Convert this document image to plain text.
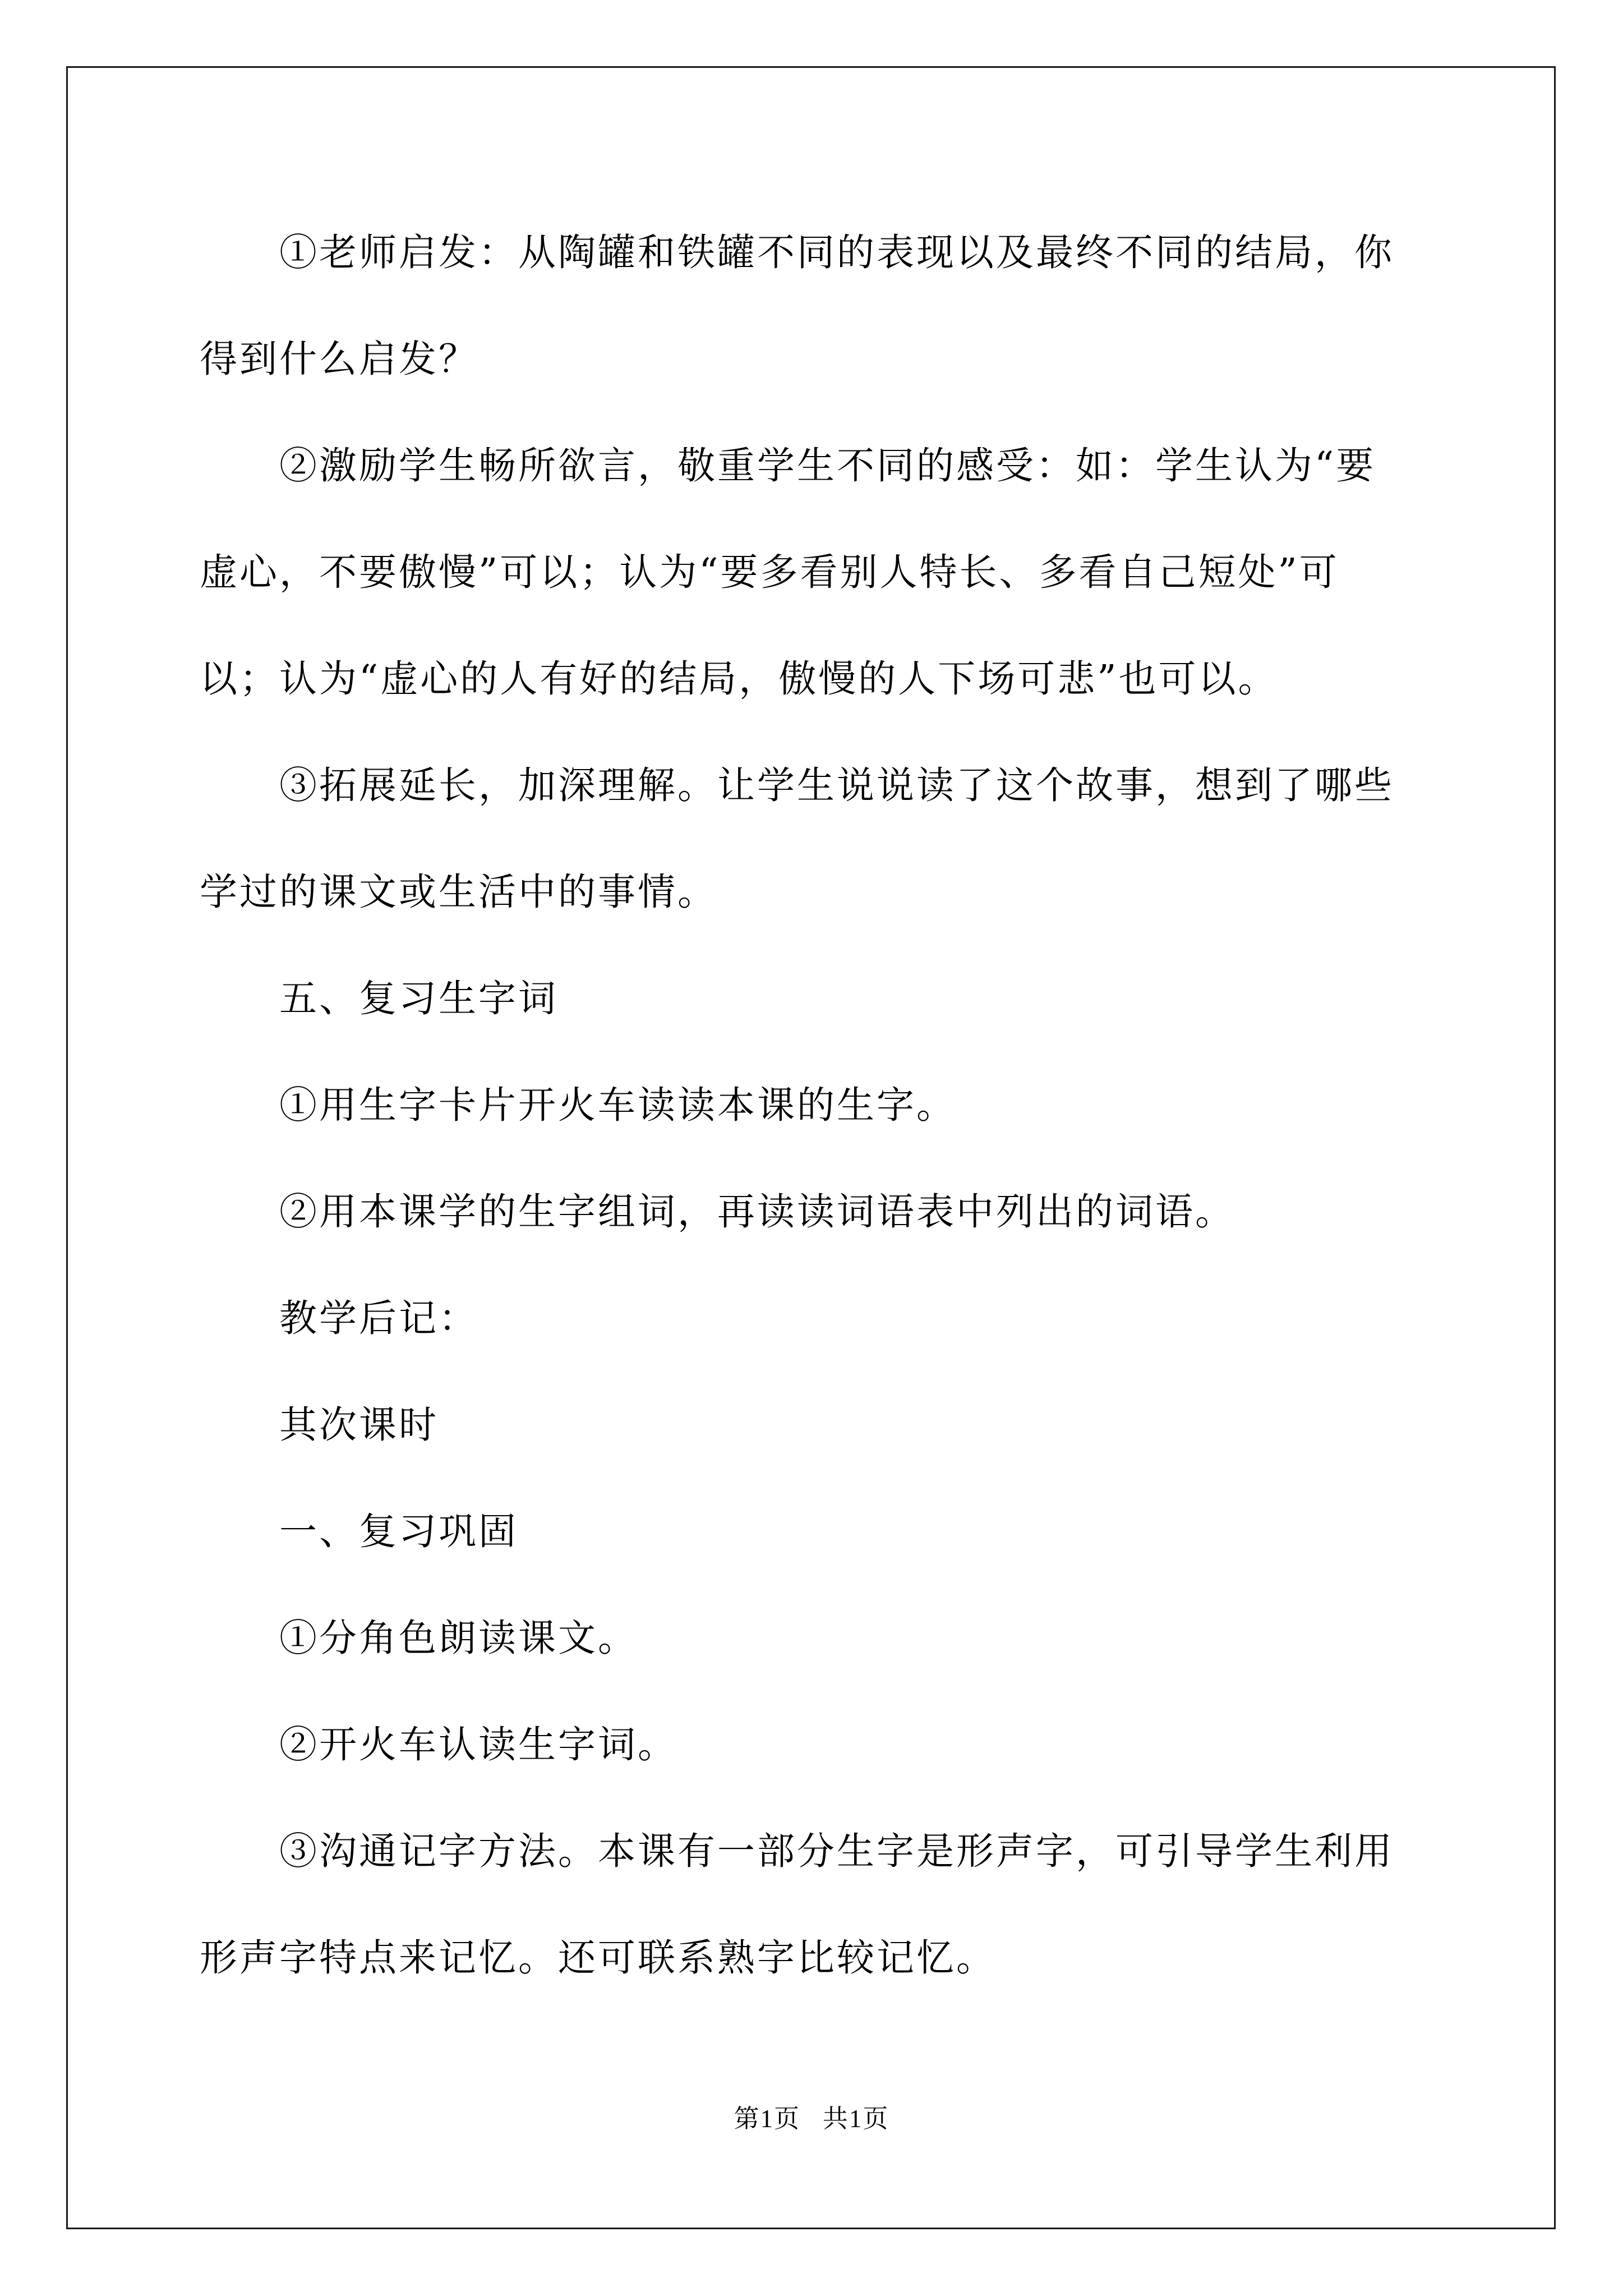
①老师启发：从陶罐和铁罐不同的表现以及最终不同的结局，你
得到什么启发？
②激励学生畅所欲言，敬重学生不同的感受：如：学生认为“要
虚心，不要傲慢”可以；认为“要多看别人特长、多看自己短处”可
以；认为“虚心的人有好的结局，傲慢的人下场可悲”也可以。
③拓展延长，加深理解。让学生说说读了这个故事，想到了哪些
学过的课文或生活中的事情。
五、复习生字词
①用生字卡片开火车读读本课的生字。
②用本课学的生字组词，再读读词语表中列出的词语。
教学后记：
其次课时
一、复习巩固
①分角色朗读课文。
②开火车认读生字词。
③沟通记字方法。本课有一部分生字是形声字，可引导学生利用
形声字特点来记忆。还可联系熟字比较记忆。
第1页   共1页
